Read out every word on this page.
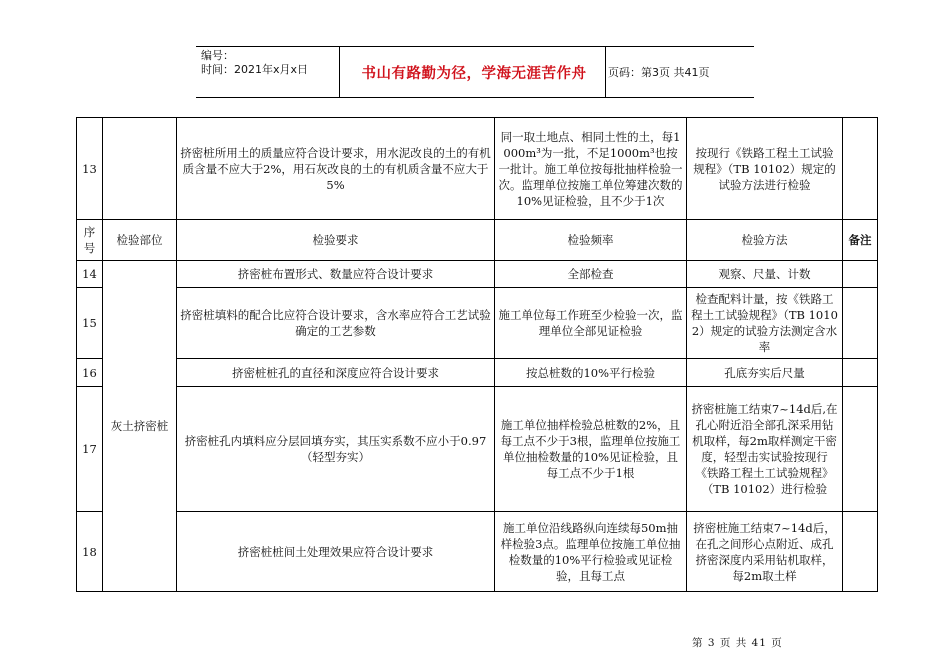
编号：
时间：2021年x月x日	书山有路勤为径，学海无涯苦作舟	页码：第3页 共41页
13		挤密桩所用土的质量应符合设计要求，用水泥改良的土的有机质含量不应大于2%，用石灰改良的土的有机质含量不应大于5%	同一取土地点、相同土性的土，每1000m³为一批，不足1000m³也按一批计。施工单位按每批抽样检验一次。监理单位按施工单位筹建次数的10%见证检验，且不少于1次	按现行《铁路工程土工试验规程》（TB 10102）规定的试验方法进行检验	
序号	检验部位	检验要求	检验频率	检验方法	备注
14	灰土挤密桩	挤密桩布置形式、数量应符合设计要求	全部检查	观察、尺量、计数	
15		挤密桩填料的配合比应符合设计要求，含水率应符合工艺试验确定的工艺参数	施工单位每工作班至少检验一次，监理单位全部见证检验	检查配料计量，按《铁路工程土工试验规程》（TB 10102）规定的试验方法测定含水率	
16		挤密桩桩孔的直径和深度应符合设计要求	按总桩数的10%平行检验	孔底夯实后尺量	
17		挤密桩孔内填料应分层回填夯实，其压实系数不应小于0.97（轻型夯实）	施工单位抽样检验总桩数的2%，且每工点不少于3根，监理单位按施工单位抽检数量的10%见证检验，且每工点不少于1根	挤密桩施工结束7~14d后,在孔心附近沿全部孔深采用钻机取样，每2m取样测定干密度，轻型击实试验按现行《铁路工程土工试验规程》（TB 10102）进行检验	
18		挤密桩桩间土处理效果应符合设计要求	施工单位沿线路纵向连续每50m抽样检验3点。监理单位按施工单位抽检数量的10%平行检验或见证检验，且每工点	挤密桩施工结束7~14d后，在孔之间形心点附近、成孔挤密深度内采用钻机取样，每2m取土样	
第 3 页 共 41 页
